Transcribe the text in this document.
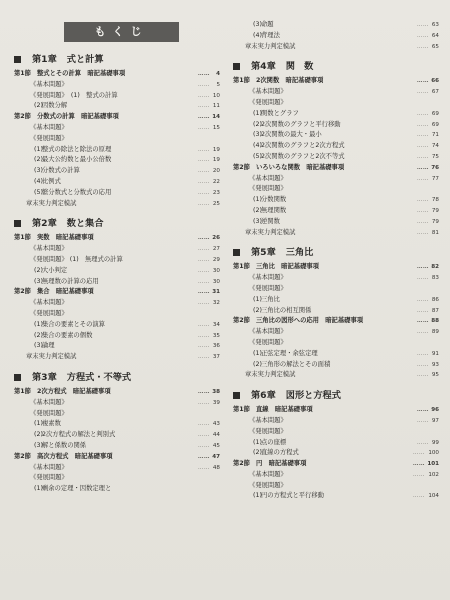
もくじ
第1章 式と計算
第1節 整式とその計算　暗記基礎事項	…… 4
《基本問題》	…… 5
《発展問題》　(1)　整式の計算	…… 10
(2) 因数分解	…… 11
第2節 分数式の計算　暗記基礎事項	…… 14
《基本問題》	…… 15
《発展問題》
(1) 整式の除法と除法の原理	…… 19
(2) 最大公約数と最小公倍数	…… 19
(3) 分数式の計算	…… 20
(4) 比例式	…… 22
(5) 繁分数式と分数式の応用	…… 23
章末実力判定模試	…… 25
第2章 数と集合
第1節 実数　暗記基礎事項	…… 26
《基本問題》	…… 27
《発展問題》 (1)　無理式の計算	…… 29
(2) 大小判定	…… 30
(3) 無理数の計算の応用	…… 30
第2節 集合　暗記基礎事項	…… 31
《基本問題》	…… 32
《発展問題》
(1) 集合の要素とその演算	…… 34
(2) 集合の要素の個数	…… 35
(3) 論理	…… 36
章末実力判定模試	…… 37
第3章 方程式・不等式
第1節 2次方程式　暗記基礎事項	…… 38
《基本問題》	…… 39
《発展問題》
(1) 複素数	…… 43
(2) 2次方程式の解法と判別式	…… 44
(3) 解と係数の関係	…… 45
第2節 高次方程式　暗記基礎事項	…… 47
《基本問題》	…… 48
《発展問題》
(1) 剰余の定理・因数定理と
(3) 命題	…… 63
(4) 背理法	…… 64
章末実力判定模試	…… 65
第4章 関　数
第1節 2次関数　暗記基礎事項	…… 66
《基本問題》	…… 67
《発展問題》
(1) 関数とグラフ	…… 69
(2) 2次関数のグラフと平行移動	…… 69
(3) 2次関数の最大・最小	…… 71
(4) 2次関数のグラフと2次方程式	…… 74
(5) 2次関数のグラフと2次不等式	…… 75
第2節 いろいろな関数　暗記基礎事項	…… 76
《基本問題》	…… 77
《発展問題》
(1) 分数関数	…… 78
(2) 無理関数	…… 79
(3) 逆関数	…… 79
章末実力判定模試	…… 81
第5章 三角比
第1節 三角比　暗記基礎事項	…… 82
《基本問題》	…… 83
《発展問題》
(1) 三角比	…… 86
(2) 三角比の相互関係	…… 87
第2節 三角比の図形への応用　暗記基礎事項	…… 88
《基本問題》	…… 89
《発展問題》
(1) 正弦定理・余弦定理	…… 91
(2) 三角形の解法とその面積	…… 93
章末実力判定模試	…… 95
第6章 図形と方程式
第1節 直線　暗記基礎事項	…… 96
《基本問題》	…… 97
《発展問題》
(1) 点の座標	…… 99
(2) 直線の方程式	…… 100
第2節 円　暗記基礎事項	…… 101
《基本問題》	…… 102
《発展問題》
(1) 円の方程式と平行移動	…… 104
